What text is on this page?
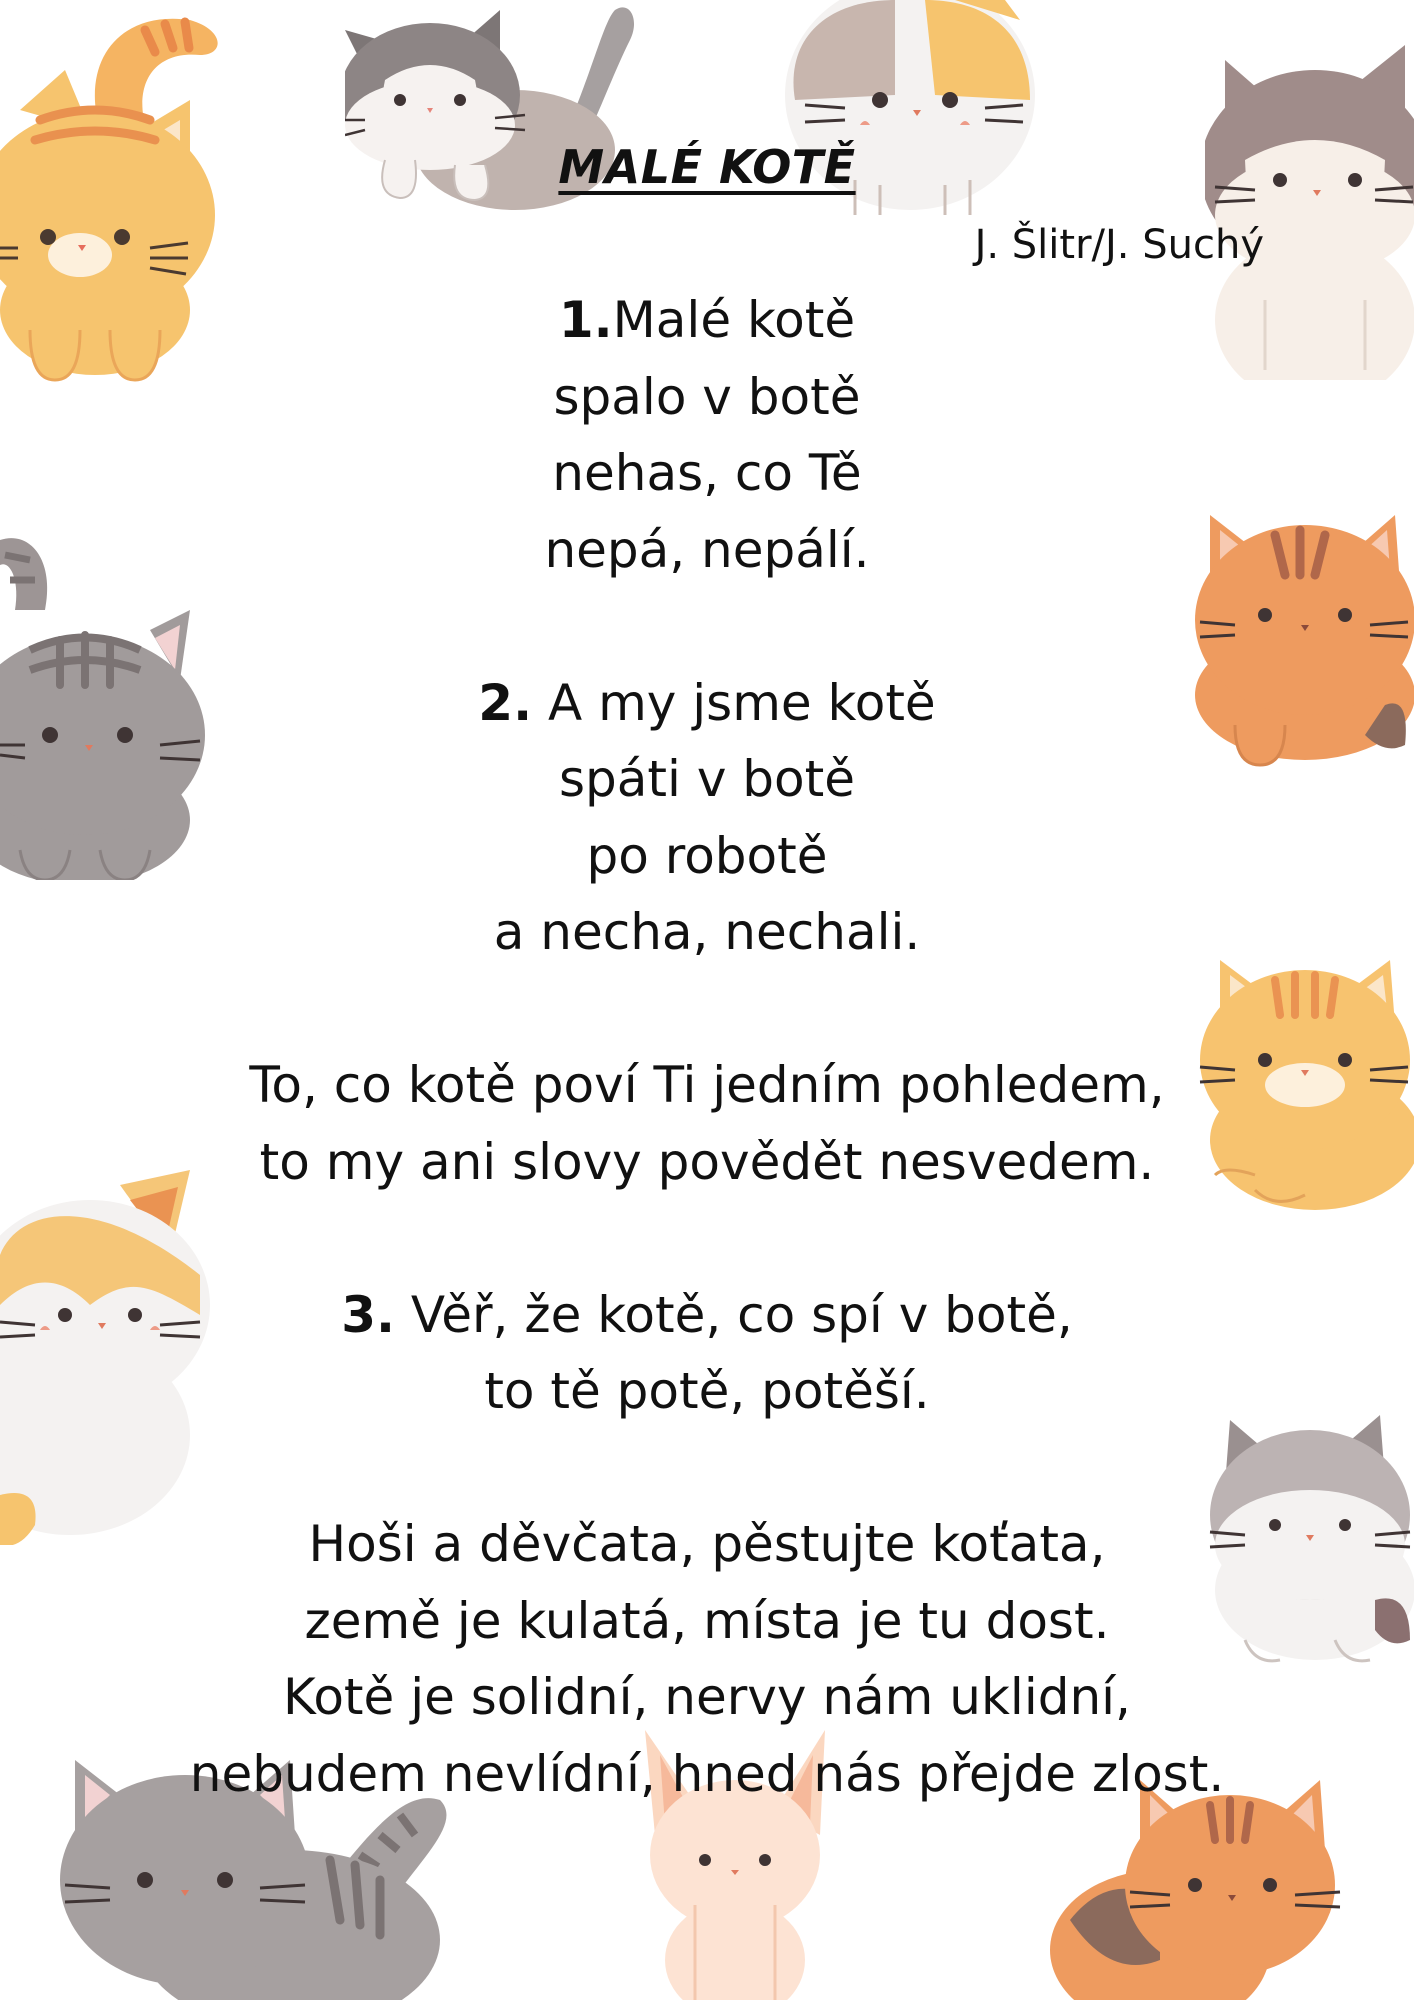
MALÉ KOTĚ
J. Šlitr/J. Suchý
1.Malé kotě
spalo v botě
nehas, co Tě
nepá, nepálí.
2. A my jsme kotě
spáti v botě
po robotě
a necha, nechali.
To, co kotě poví Ti jedním pohledem,
to my ani slovy povědět nesvedem.
3. Věř, že kotě, co spí v botě,
to tě potě, potěší.
Hoši a děvčata, pěstujte koťata,
země je kulatá, místa je tu dost.
Kotě je solidní, nervy nám uklidní,
nebudem nevlídní, hned nás přejde zlost.
